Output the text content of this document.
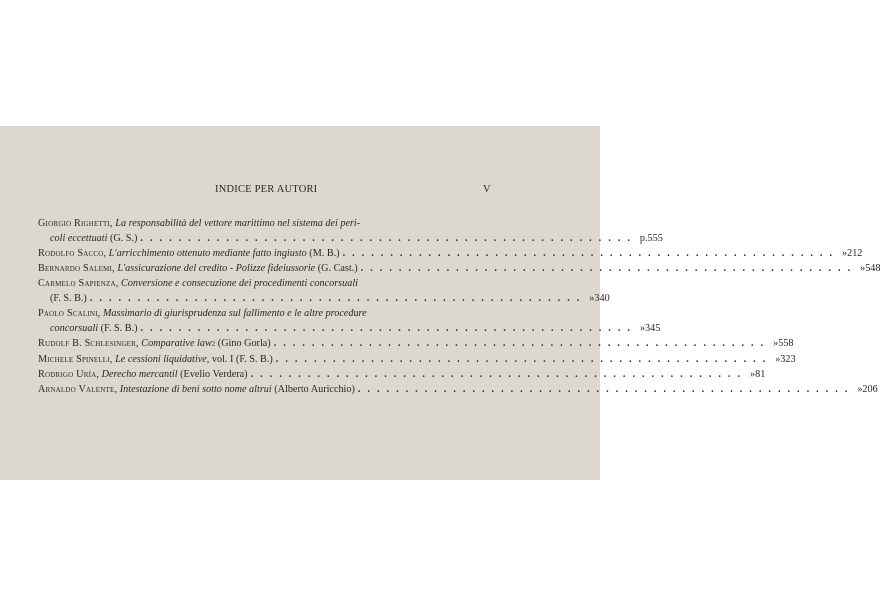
INDICE PER AUTORI	V
Giorgio Righetti,
La responsabilità del vettore marittimo nel sistema dei peri-
coli eccettuati
(G. S.) .................................................... p. 555
Rodolfo Sacco,
L'arricchimento ottenuto mediante fatto ingiusto
(M. B.) .................................................... » 212
Bernardo Salemi,
L'assicurazione del credito - Polizze fideiussorie
(G. Cast.) .................................................... » 548
Carmelo Sapienza,
Conversione e consecuzione dei procedimenti concorsuali
(F. S. B.) .................................................... » 340
Paolo Scalini,
Massimario di giurisprudenza sul fallimento e le altre procedure
concorsuali
(F. S. B.) .................................................... » 345
Rudolf B. Schlesinger,
Comparative law 2
(Gino Gorla) .................................................... » 558
Michele Spinelli,
Le cessioni liquidative , vol. I (F. S. B.) .................................................... » 323
Rodrigo Uría,
Derecho mercantil
(Evelio Verdera) .................................................... » 81
Arnaldo Valente,
Intestazione di beni sotto nome altrui
(Alberto Auricchio) .................................................... » 206
